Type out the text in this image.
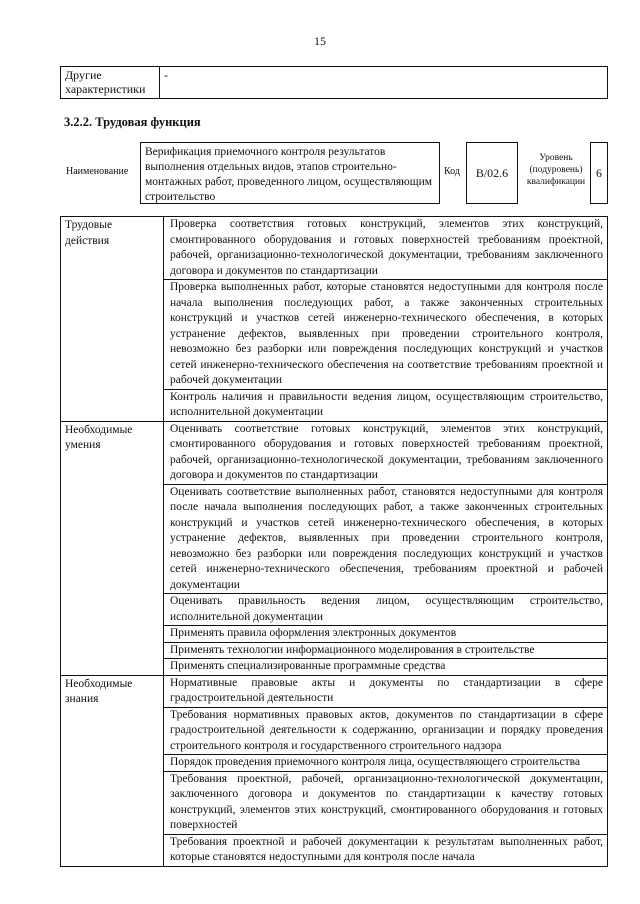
15
Другие характеристики	-
3.2.2. Трудовая функция
Наименование
Верификация приемочного контроля результатов выполнения отдельных видов, этапов строительно-монтажных работ, проведенного лицом, осуществляющим строительство
Код	B/02.6
Уровень (подуровень) квалификации
6
Трудовые действия	Проверка соответствия готовых конструкций, элементов этих конструкций, смонтированного оборудования и готовых поверхностей требованиям проектной, рабочей, организационно-технологической документации, требованиям заключенного договора и документов по стандартизации
	Проверка выполненных работ, которые становятся недоступными для контроля после начала выполнения последующих работ, а также законченных строительных конструкций и участков сетей инженерно-технического обеспечения, в которых устранение дефектов, выявленных при проведении строительного контроля, невозможно без разборки или повреждения последующих конструкций и участков сетей инженерно-технического обеспечения на соответствие требованиям проектной и рабочей документации
	Контроль наличия и правильности ведения лицом, осуществляющим строительство, исполнительной документации
Необходимые умения	Оценивать соответствие готовых конструкций, элементов этих конструкций, смонтированного оборудования и готовых поверхностей требованиям проектной, рабочей, организационно-технологической документации, требованиям заключенного договора и документов по стандартизации
	Оценивать соответствие выполненных работ, становятся недоступными для контроля после начала выполнения последующих работ, а также законченных строительных конструкций и участков сетей инженерно-технического обеспечения, в которых устранение дефектов, выявленных при проведении строительного контроля, невозможно без разборки или повреждения последующих конструкций и участков сетей инженерно-технического обеспечения, требованиям проектной и рабочей документации
	Оценивать правильность ведения лицом, осуществляющим строительство, исполнительной документации
	Применять правила оформления электронных документов
	Применять технологии информационного моделирования в строительстве
	Применять специализированные программные средства
Необходимые знания	Нормативные правовые акты и документы по стандартизации в сфере градостроительной деятельности
	Требования нормативных правовых актов, документов по стандартизации в сфере градостроительной деятельности к содержанию, организации и порядку проведения строительного контроля и государственного строительного надзора
	Порядок проведения приемочного контроля лица, осуществляющего строительства
	Требования проектной, рабочей, организационно-технологической документации, заключенного договора и документов по стандартизации к качеству готовых конструкций, элементов этих конструкций, смонтированного оборудования и готовых поверхностей
	Требования проектной и рабочей документации к результатам выполненных работ, которые становятся недоступными для контроля после начала
